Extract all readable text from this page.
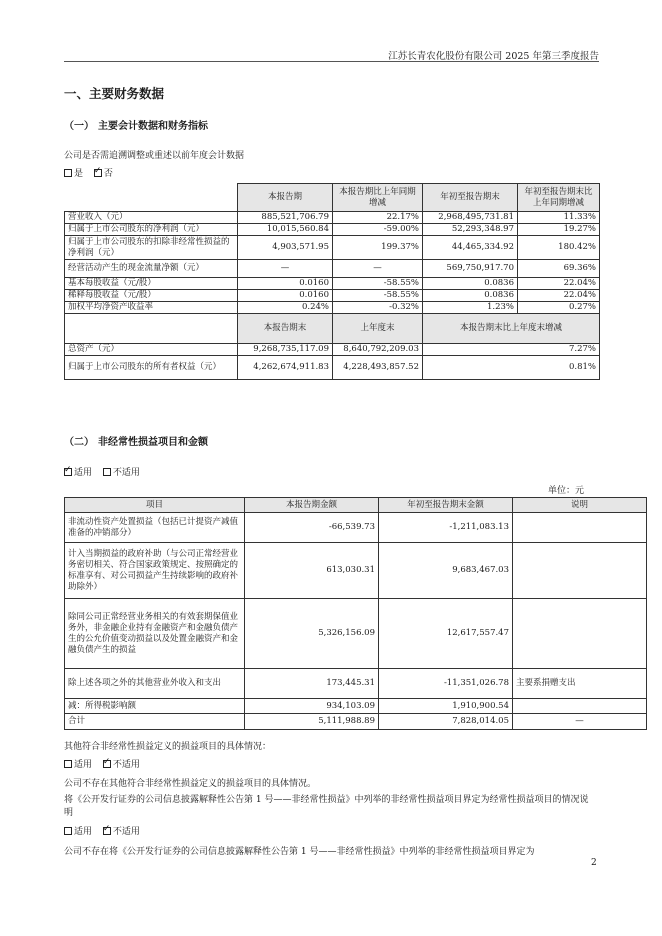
江苏长青农化股份有限公司 2025 年第三季度报告
一、主要财务数据
（一） 主要会计数据和财务指标
公司是否需追溯调整或重述以前年度会计数据
是 ✓ 否
	本报告期	本报告期比上年同期增减	年初至报告期末	年初至报告期末比上年同期增减
营业收入（元）	885,521,706.79	22.17%	2,968,495,731.81	11.33%
归属于上市公司股东的净利润（元）	10,015,560.84	-59.00%	52,293,348.97	19.27%
归属于上市公司股东的扣除非经常性损益的净利润（元）	4,903,571.95	199.37%	44,465,334.92	180.42%
经营活动产生的现金流量净额（元）	—	—	569,750,917.70	69.36%
基本每股收益（元/股）	0.0160	-58.55%	0.0836	22.04%
稀释每股收益（元/股）	0.0160	-58.55%	0.0836	22.04%
加权平均净资产收益率	0.24%	-0.32%	1.23%	0.27%
	本报告期末	上年度末	本报告期末比上年度末增减	
总资产（元）	9,268,735,117.09	8,640,792,209.03	7.27%	
归属于上市公司股东的所有者权益（元）	4,262,674,911.83	4,228,493,857.52	0.81%	
（二） 非经常性损益项目和金额
✓适用 不适用
单位：元
项目	本报告期金额	年初至报告期末金额	说明
非流动性资产处置损益（包括已计提资产减值准备的冲销部分）	-66,539.73	-1,211,083.13	
计入当期损益的政府补助（与公司正常经营业务密切相关、符合国家政策规定、按照确定的标准享有、对公司损益产生持续影响的政府补助除外）	613,030.31	9,683,467.03	
除同公司正常经营业务相关的有效套期保值业务外，非金融企业持有金融资产和金融负债产生的公允价值变动损益以及处置金融资产和金融负债产生的损益	5,326,156.09	12,617,557.47	
除上述各项之外的其他营业外收入和支出	173,445.31	-11,351,026.78	主要系捐赠支出
减：所得税影响额	934,103.09	1,910,900.54	
合计	5,111,988.89	7,828,014.05	—
其他符合非经常性损益定义的损益项目的具体情况：
适用 ✓ 不适用
公司不存在其他符合非经常性损益定义的损益项目的具体情况。
将《公开发行证券的公司信息披露解释性公告第 1 号——非经常性损益》中列举的非经常性损益项目界定为经常性损益项目的情况说明
适用 ✓ 不适用
公司不存在将《公开发行证券的公司信息披露解释性公告第 1 号——非经常性损益》中列举的非经常性损益项目界定为
2
